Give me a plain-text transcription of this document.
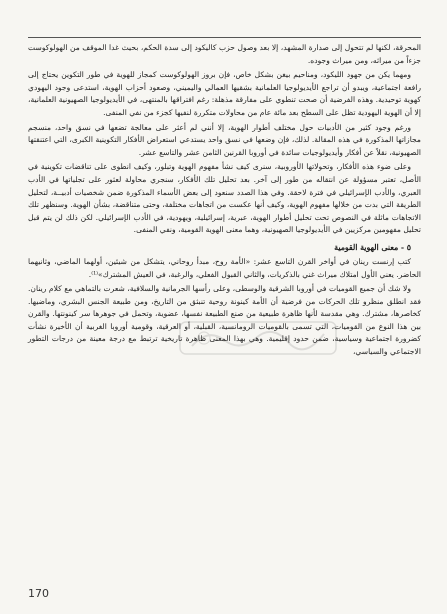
المحرقة، لكنها لم تتحول إلى صدارة المشهد، إلا بعد وصول حزب كاليكود إلى سدة الحكم، بحيث غدا الموقف من الهولوكوست جزءاً من ميراثه، ومن ميراث وجوده.

ومهما يكن من جهود الليكود، ومناحيم بيغن بشكل خاص، فإن بروز الهولوكوست كمجاز للهوية في طور التكوين يحتاج إلى رافعة اجتماعية، ويبدو أن تراجع الأيديولوجيا العلمانية بشقيها العمالي واليميني، وصعود أحزاب الهوية، استدعى وجود اليهودي كهوية توحيدية. وهذه الفرضية أن صحت تنطوي على مفارقة مذهلة: رغم افتراقها بالمنتهى، في الأيديولوجيا الصهيونية العلمانية، إلا أن الهوية اليهودية تظل على السطح بعد مائة عام من محاولات متكررة لنفيها كجزء من نفي المنفى.

ورغم وجود كثير من الأدبيات حول مختلف أطوار الهوية، إلا أنني لم أعثر على معالجة تضعها في نسق واحد، منسجم مجازاتها المذكورة في هذه المقالة. لذلك، فإن وضعها في نسق واحد يستدعي استعراض الأفكار التكوينية الكبرى، التي اعتنقتها الصهيونية، نقلاً عن أفكار وأيديولوجيات سائدة في أوروبا القرنين الثامن عشر والتاسع عشر.

وعلى ضوء هذه الأفكار، وتحولاتها الأوروبية، سنرى كيف نشأ مفهوم الهوية وتبلور، وكيف انطوى على تناقضات تكوينية في الأصل، تعتبر مسؤولة عن انتقاله من طور إلى آخر. بعد تحليل تلك الأفكار، سنجري محاولة لعثور على تجلياتها في الأدب العبري، والأدب الإسرائيلي في فترة لاحقة. وفي هذا الصدد سنعود إلى بعض الأسماء المذكورة ضمن شخصيات أدبيــة، لتحليل الطريقة التي بدت من خلالها مفهوم الهوية، وكيف أنها عكست من اتجاهات مختلفة، وحتى متناقضة، بشأن الهوية. وسنظهر تلك الاتجاهات ماثلة في النصوص تحت تحليل أطوار الهوية، عبرية، إسرائيلية، ويهودية، في الأدب الإسرائيلي. لكن ذلك لن يتم قبل تحليل مفهومين مركزيين في الأيديولوجيا الصهيونية، وهما معنى الهوية القومية، ونفي المنفى.

٥ - معنى الهوية القومية

كتب إرنست رينان في أواخر القرن التاسع عشر: «الأمة روح، مبدأ روحاني، يتشكل من شيئين، أولهما الماضي، وثانيهما الحاضر. يعني الأول امتلاك ميراث غني بالذكريات، والثاني القبول الفعلي، والرغبة، في العيش المشترك»⁽¹⁾.

ولا شك أن جميع القوميات في أوروبا الشرقية والوسطى، وعلى رأسها الجرمانية والسلافية، شعرت بالتماهي مع كلام رينان. فقد انطلق منظرو تلك الحركات من فرضية أن الأمة كينونة روحية تنبثق من التاريخ، ومن طبيعة الجنس البشري، وماضيها. كخاصرها، مشترك. وهي مقدسة لأنها ظاهرة طبيعية من صنع الطبيعة نفسها، عضوية، وتحمل في جوهرها سر كينونتها. والقرن بين هذا النوع من القوميات، التي تسمى بالقوميات الرومانسية، القبلية، أو العرقية، وقومية أوروبا الغربية أن الأخيرة نشأت كضرورة اجتماعية وسياسية، ضمن حدود إقليمية. وهي بهذا المعنى ظاهرة تاريخية ترتبط مع درجة معينة من درجات التطور الاجتماعي والسياسي،

170
